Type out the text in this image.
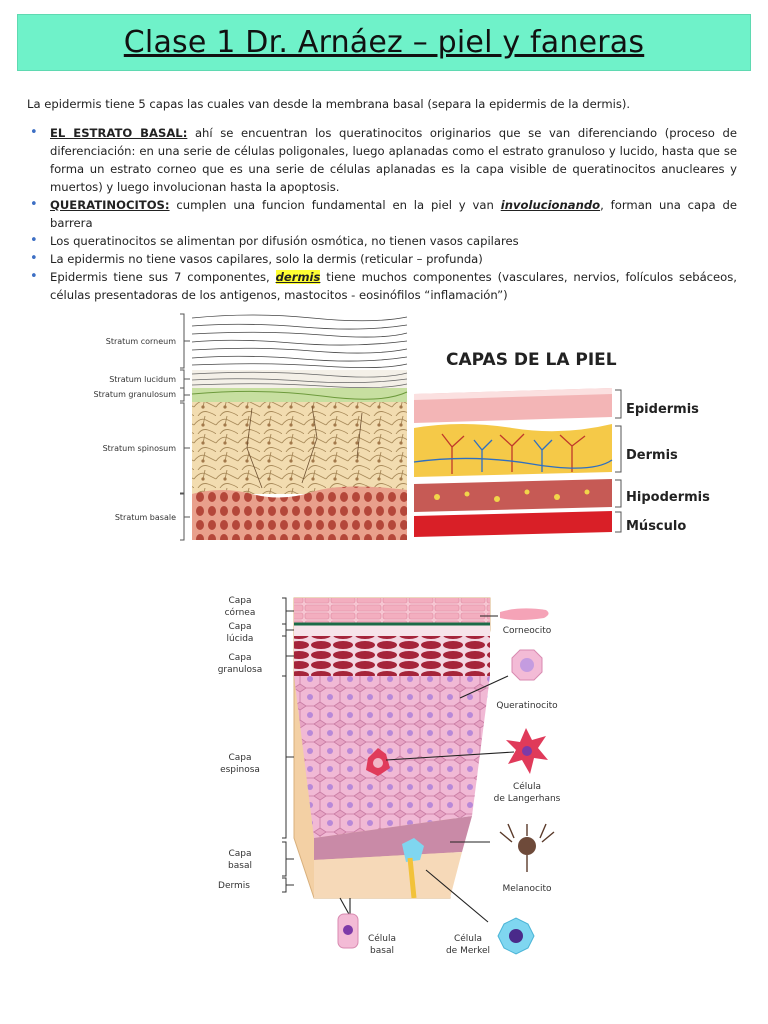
Clase 1 Dr. Arnáez – piel y faneras
La epidermis tiene 5 capas las cuales van desde la membrana basal (separa la epidermis de la dermis).
• EL ESTRATO BASAL: ahí se encuentran los queratinocitos originarios que se van diferenciando (proceso de diferenciación: en una serie de células poligonales, luego aplanadas como el estrato granuloso y lucido, hasta que se forma un estrato corneo que es una serie de células aplanadas es la capa visible de queratinocitos anucleares y muertos) y luego involucionan hasta la apoptosis.
• QUERATINOCITOS: cumplen una funcion fundamental en la piel y van involucionando, forman una capa de barrera
• Los queratinocitos se alimentan por difusión osmótica, no tienen vasos capilares
• La epidermis no tiene vasos capilares, solo la dermis (reticular – profunda)
• Epidermis tiene sus 7 componentes, dermis tiene muchos componentes (vasculares, nervios, folículos sebáceos, células presentadoras de los antigenos, mastocitos - eosinófilos “inflamación”)
Stratum corneum
Stratum lucidum
Stratum granulosum
Stratum spinosum
Stratum basale
CAPAS DE LA PIEL
Epidermis
Dermis
Hipodermis
Músculo
Capa
córnea
Capa
lúcida
Capa
granulosa
Capa
espinosa
Capa
basal
Dermis
Corneocito
Queratinocito
Célula
de Langerhans
Melanocito
Célula
basal
Célula
de Merkel
